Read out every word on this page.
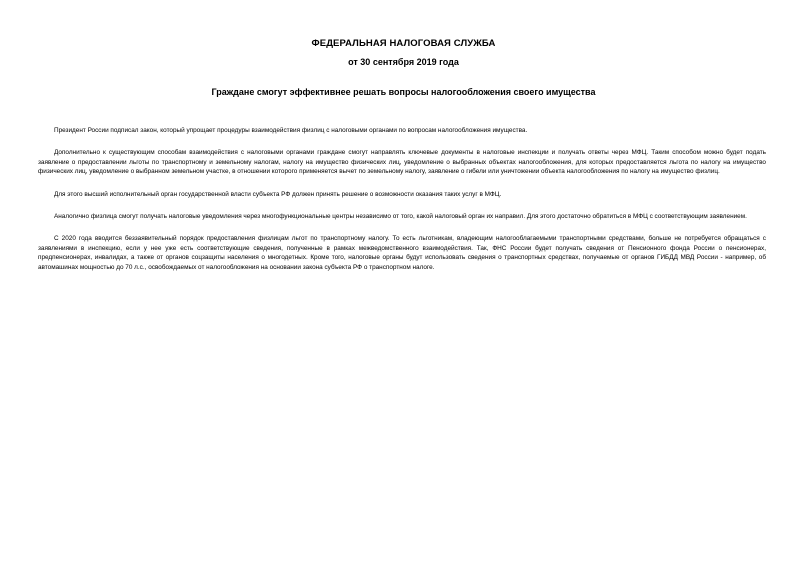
ФЕДЕРАЛЬНАЯ НАЛОГОВАЯ СЛУЖБА
от 30 сентября 2019 года
Граждане смогут эффективнее решать вопросы налогообложения своего имущества

Президент России подписал закон, который упрощает процедуры взаимодействия физлиц с налоговыми органами по вопросам налогообложения имущества.

Дополнительно к существующим способам взаимодействия с налоговыми органами граждане смогут направлять ключевые документы в налоговые инспекции и получать ответы через МФЦ. Таким способом можно будет подать заявление о предоставлении льготы по транспортному и земельному налогам, налогу на имущество физических лиц, уведомление о выбранных объектах налогообложения, для которых предоставляется льгота по налогу на имущество физических лиц, уведомление о выбранном земельном участке, в отношении которого применяется вычет по земельному налогу, заявление о гибели или уничтожении объекта налогообложения по налогу на имущество физлиц.

Для этого высший исполнительный орган государственной власти субъекта РФ должен принять решение о возможности оказания таких услуг в МФЦ.

Аналогично физлица смогут получать налоговые уведомления через многофункциональные центры независимо от того, какой налоговый орган их направил. Для этого достаточно обратиться в МФЦ с соответствующим заявлением.

С 2020 года вводится беззаявительный порядок предоставления физлицам льгот по транспортному налогу. То есть льготникам, владеющим налогооблагаемыми транспортными средствами, больше не потребуется обращаться с заявлениями в инспекцию, если у нее уже есть соответствующие сведения, полученные в рамках межведомственного взаимодействия. Так, ФНС России будет получать сведения от Пенсионного фонда России о пенсионерах, предпенсионерах, инвалидах, а также от органов соцзащиты населения о многодетных. Кроме того, налоговые органы будут использовать сведения о транспортных средствах, получаемые от органов ГИБДД МВД России - например, об автомашинах мощностью до 70 л.с., освобождаемых от налогообложения на основании закона субъекта РФ о транспортном налоге.
